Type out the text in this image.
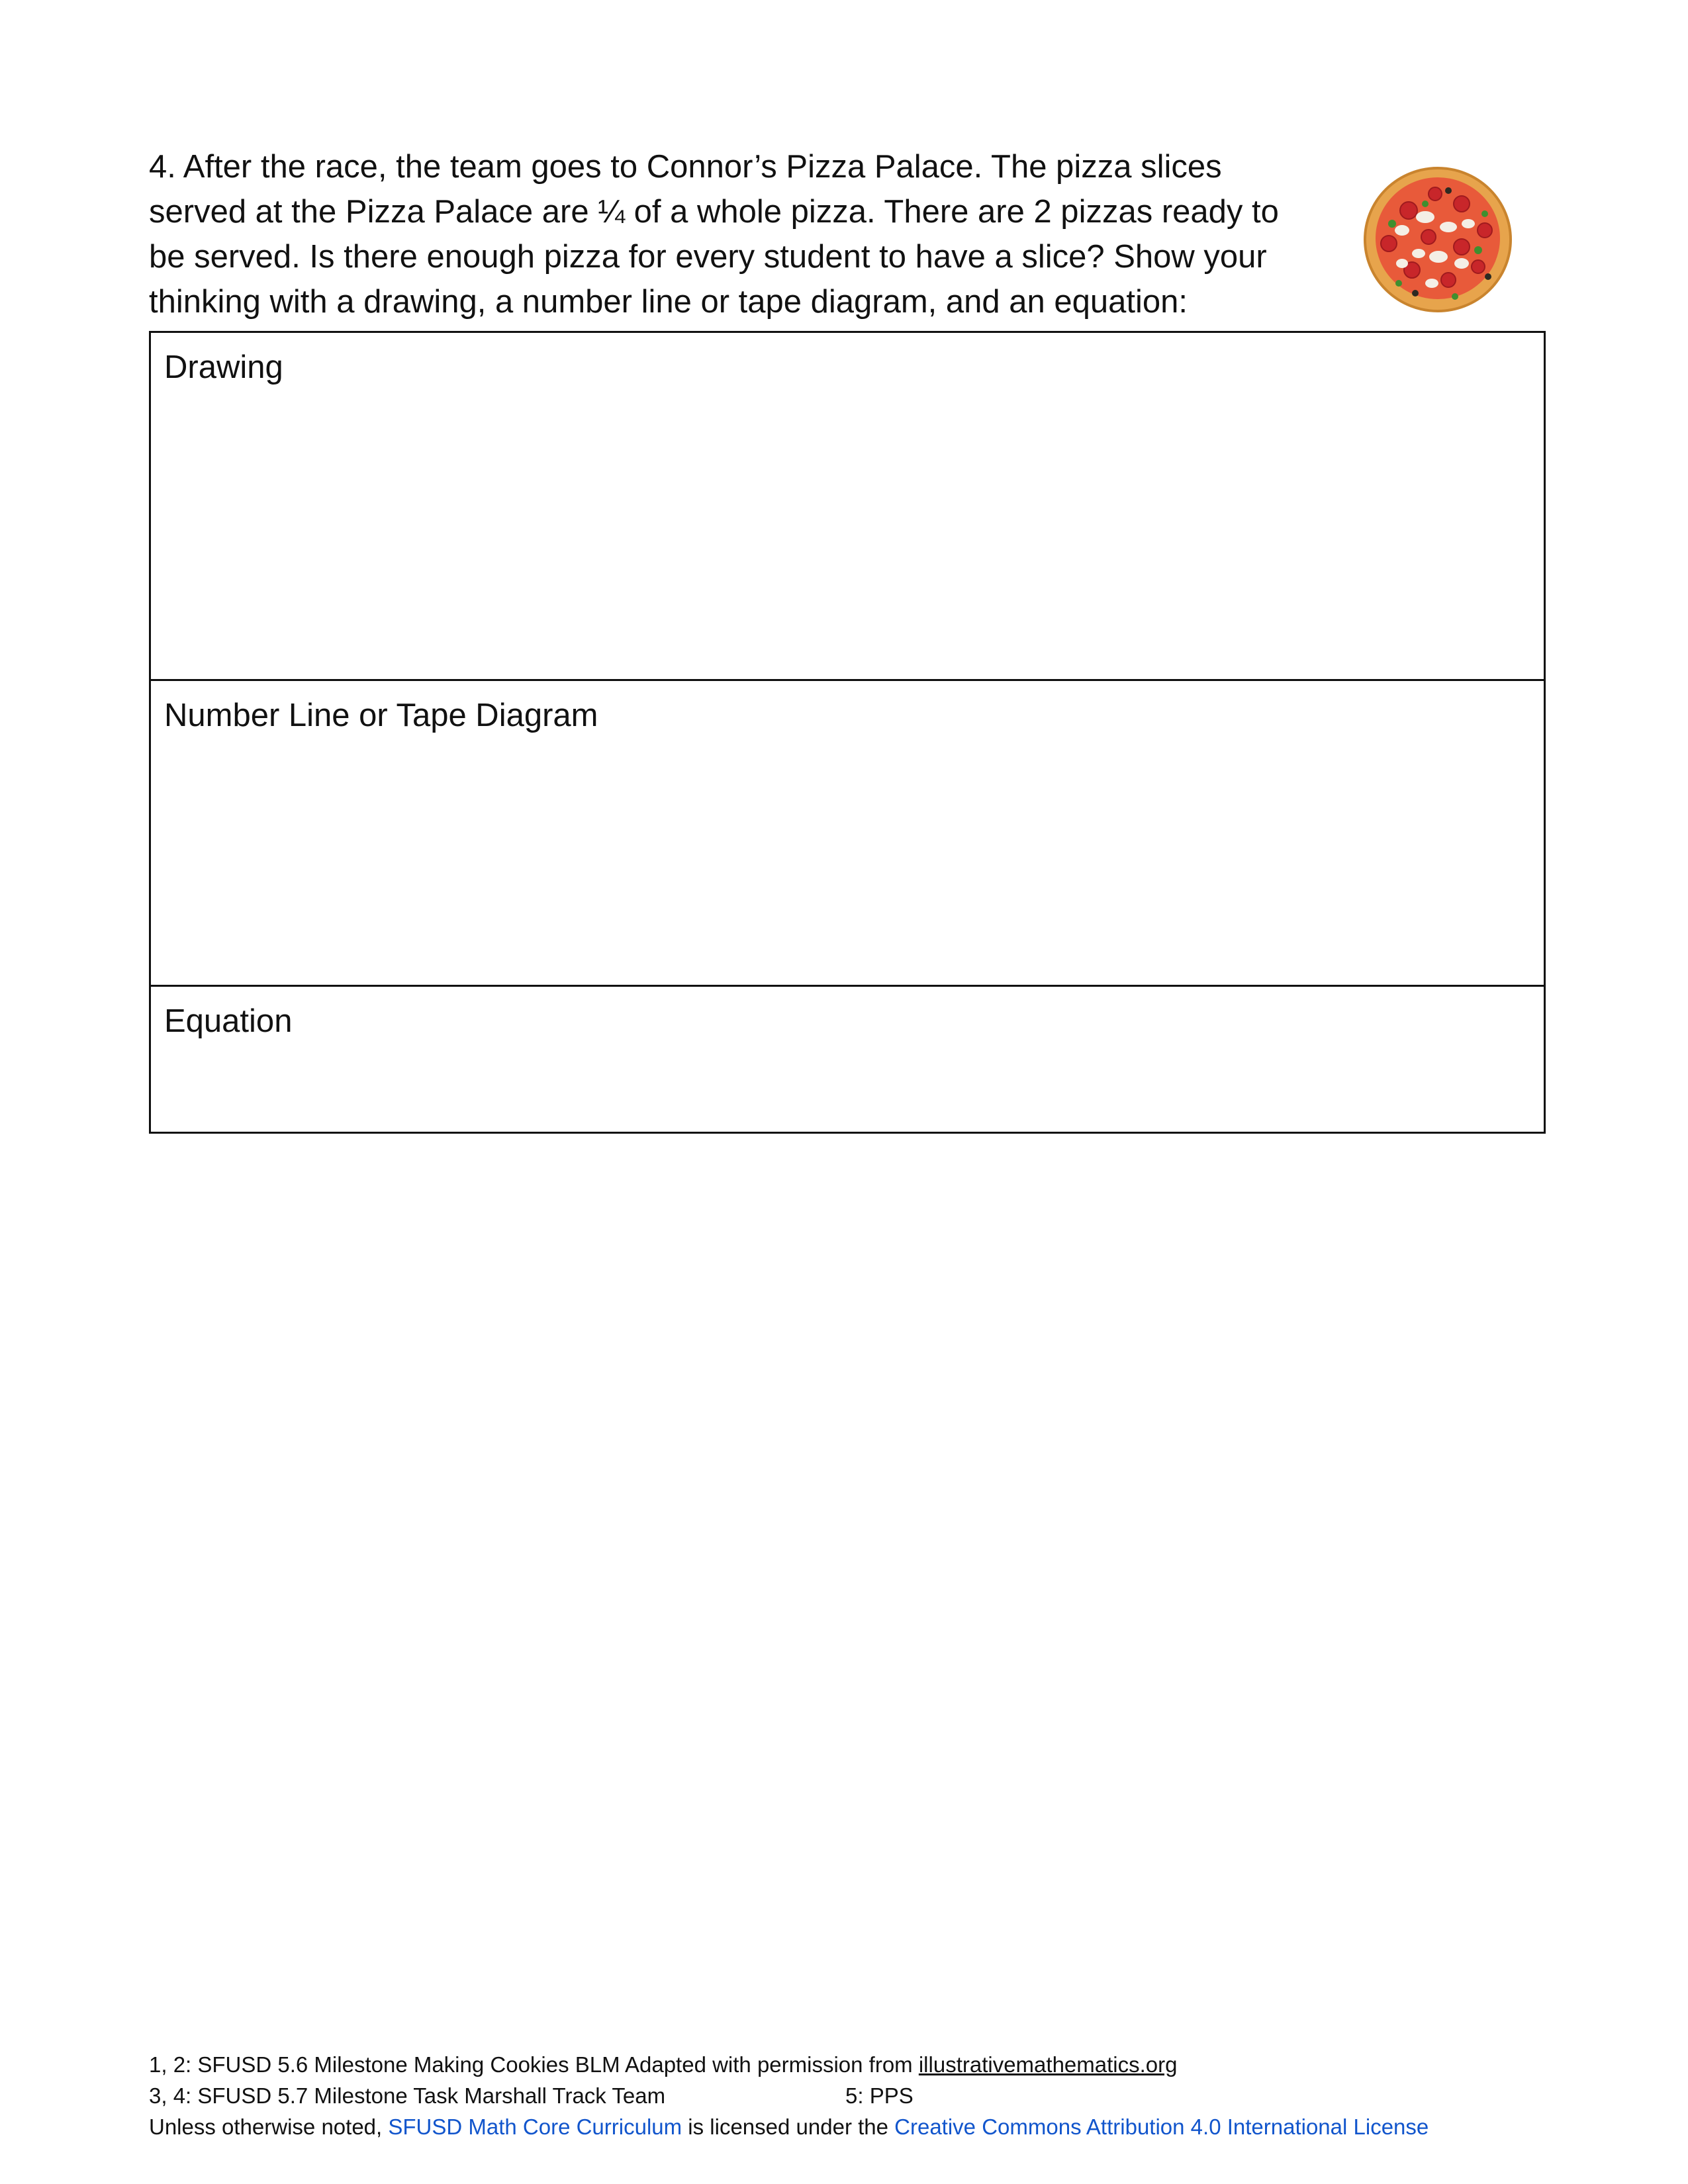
4. After the race, the team goes to Connor’s Pizza Palace. The pizza slices
served at the Pizza Palace are ¼ of a whole pizza. There are 2 pizzas ready to
be served. Is there enough pizza for every student to have a slice? Show your
thinking with a drawing, a number line or tape diagram, and an equation:
Drawing
Number Line or Tape Diagram
Equation
1, 2: SFUSD 5.6 Milestone Making Cookies BLM Adapted with permission from illustrativemathematics.org
3, 4: SFUSD 5.7 Milestone Task Marshall Track Team	5: PPS
Unless otherwise noted, SFUSD Math Core Curriculum is licensed under the Creative Commons Attribution 4.0 International License
